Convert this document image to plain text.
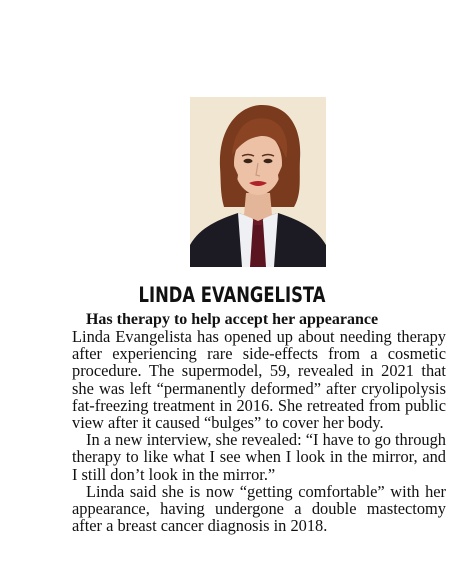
LINDA EVANGELISTA
Has therapy to help accept her appearance

Linda Evangelista has opened up about needing therapy after experiencing rare side-effects from a cosmetic procedure. The supermodel, 59, revealed in 2021 that she was left “permanently deformed” after cryolipolysis fat-freezing treatment in 2016. She retreated from public view after it caused “bulges” to cover her body.

In a new interview, she revealed: “I have to go through therapy to like what I see when I look in the mirror, and I still don’t look in the mirror.”

Linda said she is now “getting comfortable” with her appearance, having undergone a double mastectomy after a breast cancer diagnosis in 2018.
